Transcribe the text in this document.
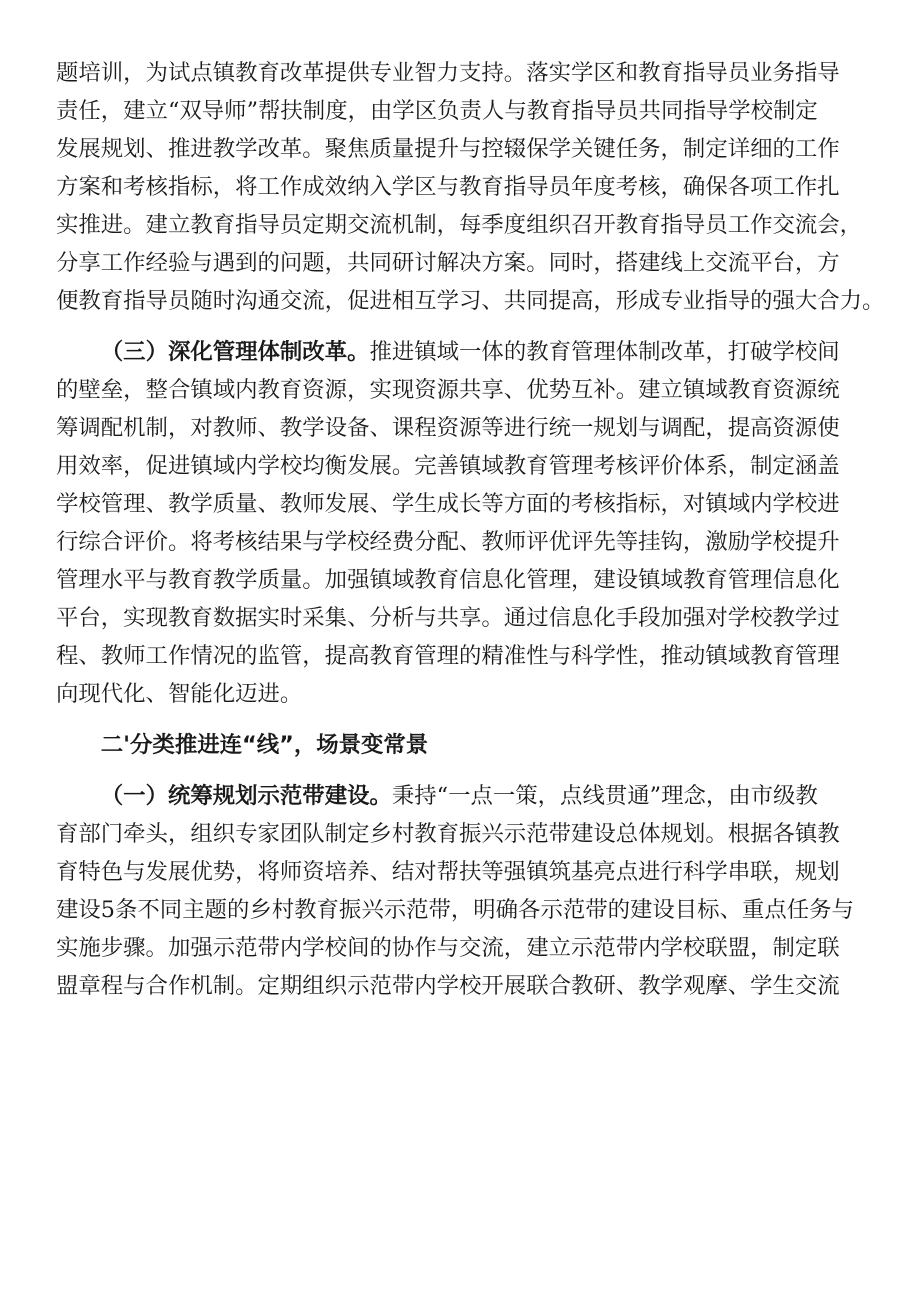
题培训，为试点镇教育改革提供专业智力支持。落实学区和教育指导员业务指导
责任，建立“双导师”帮扶制度，由学区负责人与教育指导员共同指导学校制定
发展规划、推进教学改革。聚焦质量提升与控辍保学关键任务，制定详细的工作
方案和考核指标，将工作成效纳入学区与教育指导员年度考核，确保各项工作扎
实推进。建立教育指导员定期交流机制，每季度组织召开教育指导员工作交流会，
分享工作经验与遇到的问题，共同研讨解决方案。同时，搭建线上交流平台，方
便教育指导员随时沟通交流，促进相互学习、共同提高，形成专业指导的强大合力。
（三）深化管理体制改革。推进镇域一体的教育管理体制改革，打破学校间
的壁垒，整合镇域内教育资源，实现资源共享、优势互补。建立镇域教育资源统
筹调配机制，对教师、教学设备、课程资源等进行统一规划与调配，提高资源使
用效率，促进镇域内学校均衡发展。完善镇域教育管理考核评价体系，制定涵盖
学校管理、教学质量、教师发展、学生成长等方面的考核指标，对镇域内学校进
行综合评价。将考核结果与学校经费分配、教师评优评先等挂钩，激励学校提升
管理水平与教育教学质量。加强镇域教育信息化管理，建设镇域教育管理信息化
平台，实现教育数据实时采集、分析与共享。通过信息化手段加强对学校教学过
程、教师工作情况的监管，提高教育管理的精准性与科学性，推动镇域教育管理
向现代化、智能化迈进。
二'分类推进连“线”，场景变常景
（一）统筹规划示范带建设。秉持“一点一策，点线贯通”理念，由市级教
育部门牵头，组织专家团队制定乡村教育振兴示范带建设总体规划。根据各镇教
育特色与发展优势，将师资培养、结对帮扶等强镇筑基亮点进行科学串联，规划
建设5条不同主题的乡村教育振兴示范带，明确各示范带的建设目标、重点任务与
实施步骤。加强示范带内学校间的协作与交流，建立示范带内学校联盟，制定联
盟章程与合作机制。定期组织示范带内学校开展联合教研、教学观摩、学生交流
